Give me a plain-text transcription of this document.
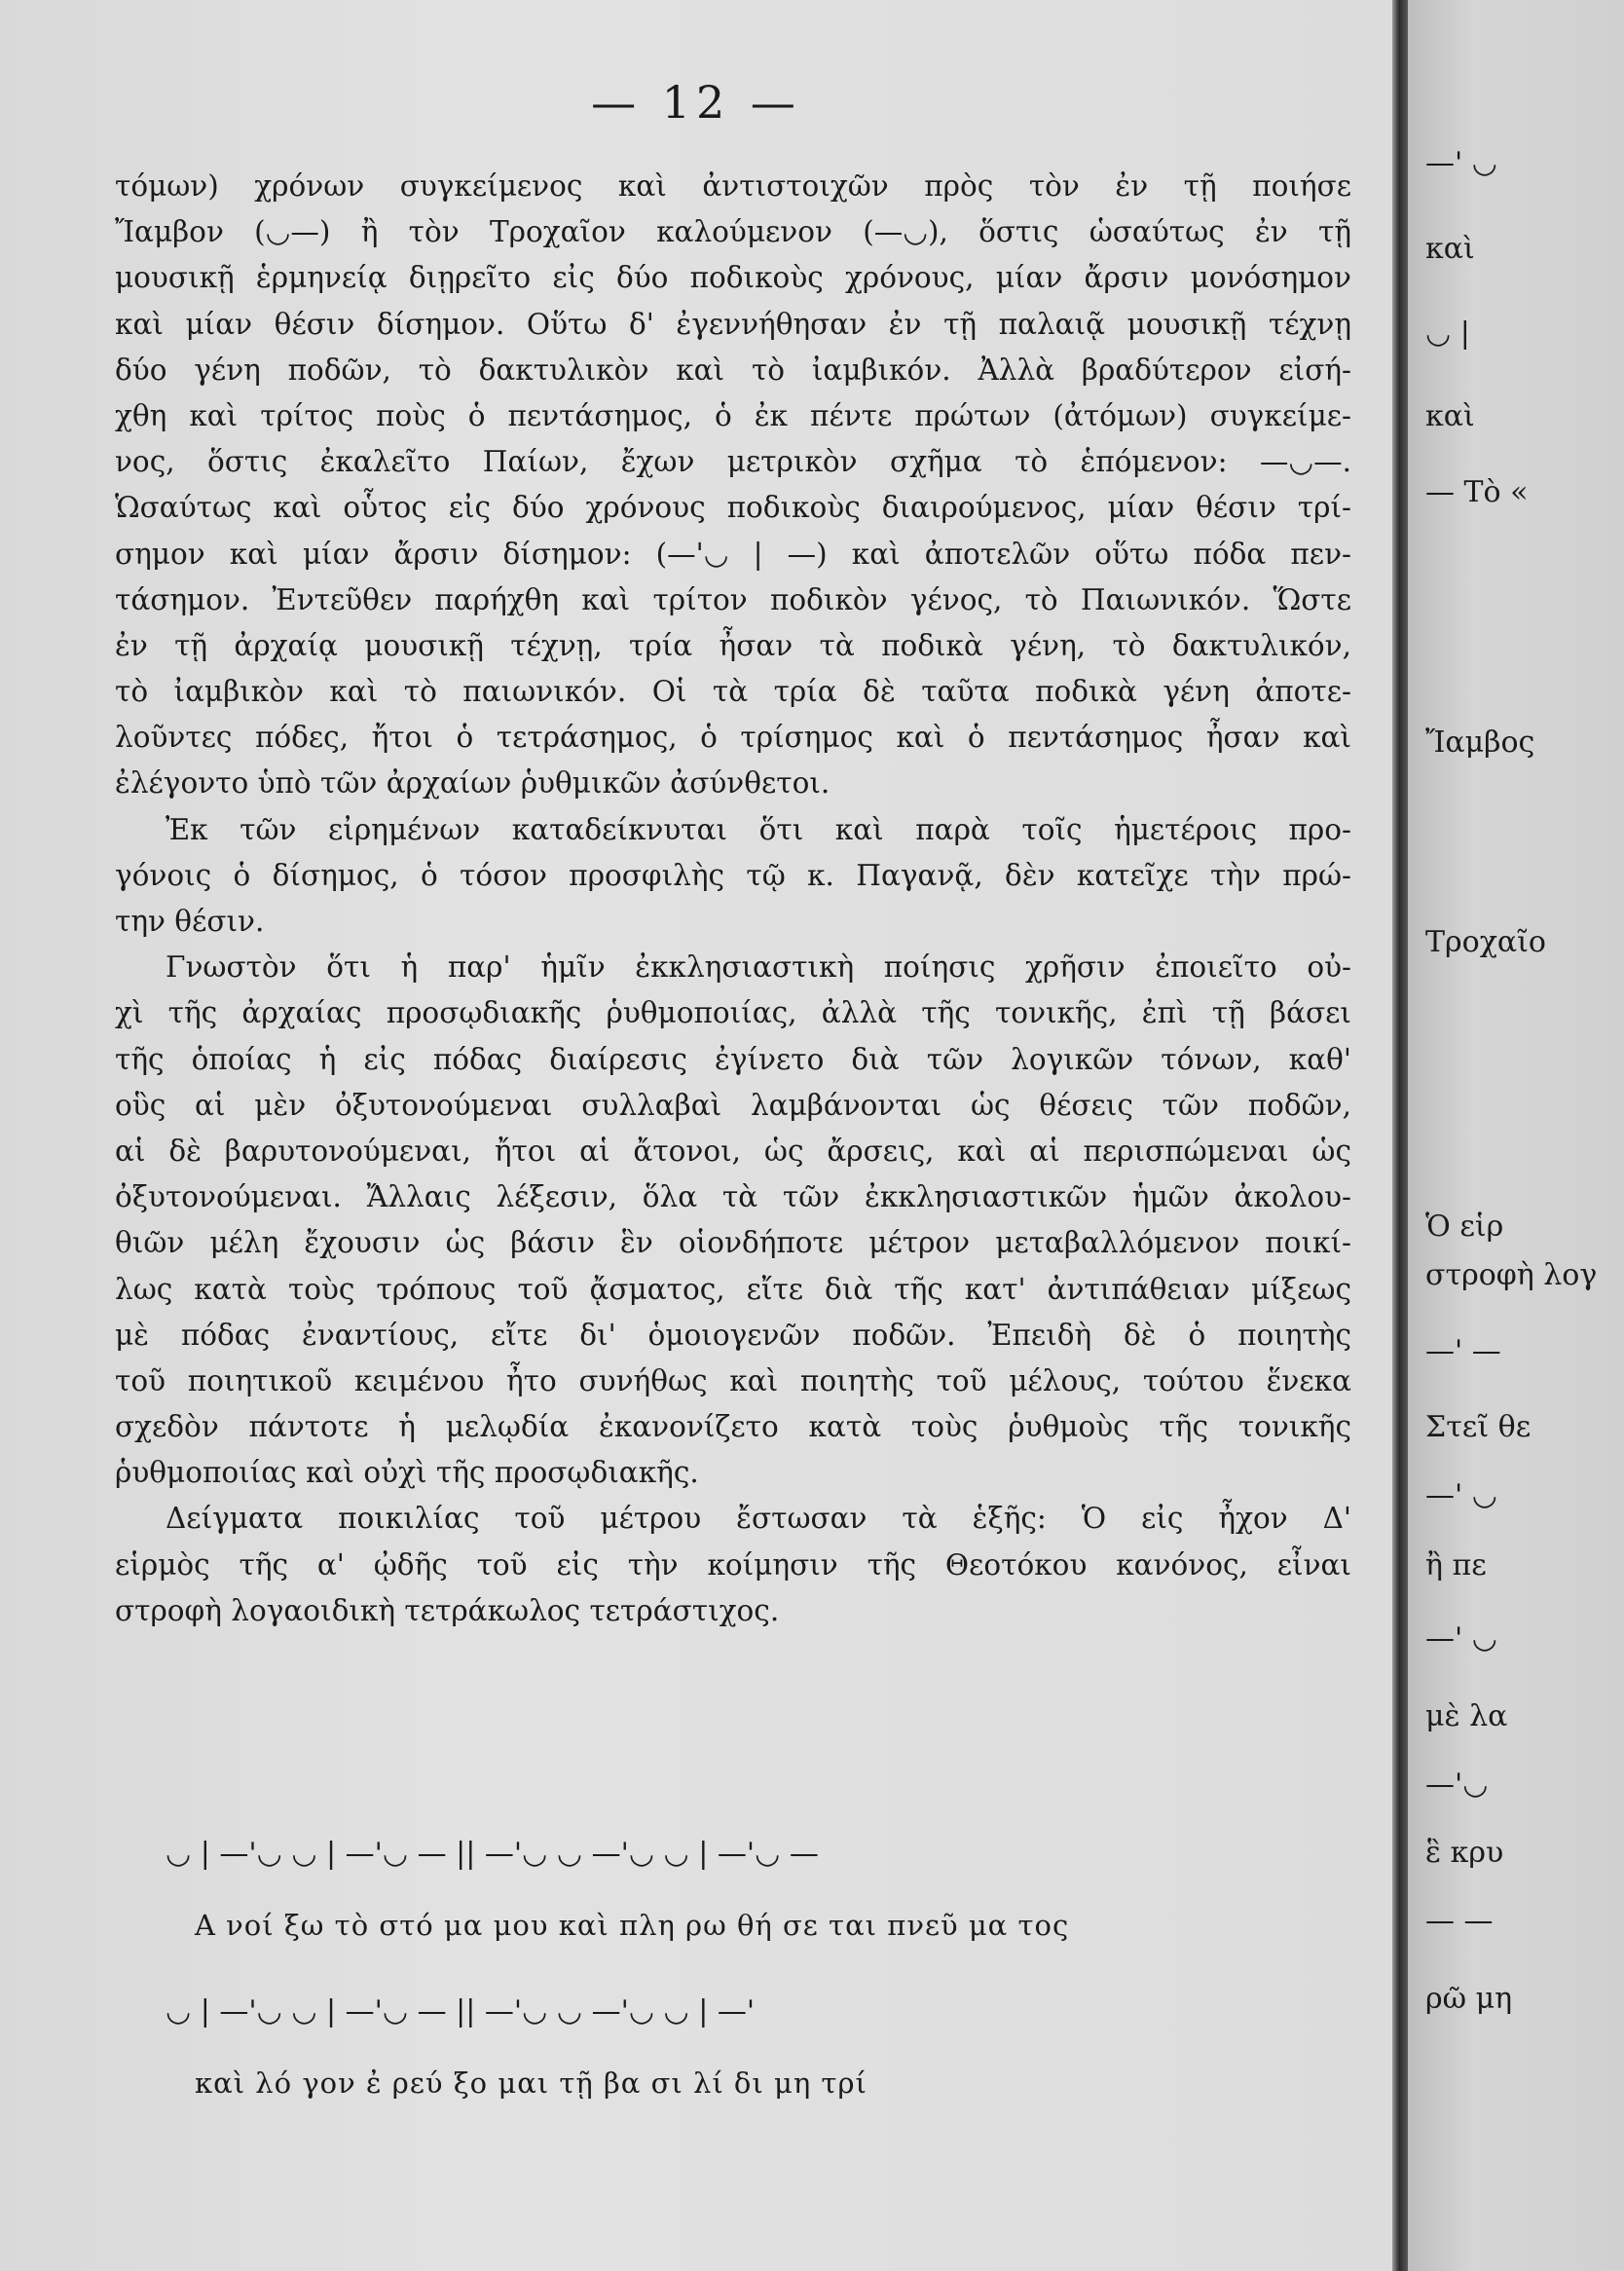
— 12 —
τόμων) χρόνων συγκείμενος καὶ ἀντιστοιχῶν πρὸς τὸν ἐν τῇ ποιήσε
Ἴαμβον (◡—) ἢ τὸν Τροχαῖον καλούμενον (—◡), ὅστις ὡσαύτως ἐν τῇ
μουσικῇ ἑρμηνείᾳ διῃρεῖτο εἰς δύο ποδικοὺς χρόνους, μίαν ἄρσιν μονόσημον
καὶ μίαν θέσιν δίσημον. Οὕτω δ' ἐγεννήθησαν ἐν τῇ παλαιᾷ μουσικῇ τέχνῃ
δύο γένη ποδῶν, τὸ δακτυλικὸν καὶ τὸ ἰαμβικόν. Ἀλλὰ βραδύτερον εἰσή-
χθη καὶ τρίτος ποὺς ὁ πεντάσημος, ὁ ἐκ πέντε πρώτων (ἀτόμων) συγκείμε-
νος, ὅστις ἐκαλεῖτο Παίων, ἔχων μετρικὸν σχῆμα τὸ ἑπόμενον: —◡—.
Ὡσαύτως καὶ οὗτος εἰς δύο χρόνους ποδικοὺς διαιρούμενος, μίαν θέσιν τρί-
σημον καὶ μίαν ἄρσιν δίσημον: (—'◡ | —) καὶ ἀποτελῶν οὕτω πόδα πεν-
τάσημον. Ἐντεῦθεν παρήχθη καὶ τρίτον ποδικὸν γένος, τὸ Παιωνικόν. Ὥστε
ἐν τῇ ἀρχαίᾳ μουσικῇ τέχνῃ, τρία ἦσαν τὰ ποδικὰ γένη, τὸ δακτυλικόν,
τὸ ἰαμβικὸν καὶ τὸ παιωνικόν. Οἱ τὰ τρία δὲ ταῦτα ποδικὰ γένη ἀποτε-
λοῦντες πόδες, ἤτοι ὁ τετράσημος, ὁ τρίσημος καὶ ὁ πεντάσημος ἦσαν καὶ
ἐλέγοντο ὑπὸ τῶν ἀρχαίων ῥυθμικῶν ἀσύνθετοι.
Ἐκ τῶν εἰρημένων καταδείκνυται ὅτι καὶ παρὰ τοῖς ἡμετέροις προ-
γόνοις ὁ δίσημος, ὁ τόσον προσφιλὴς τῷ κ. Παγανᾷ, δὲν κατεῖχε τὴν πρώ-
την θέσιν.
Γνωστὸν ὅτι ἡ παρ' ἡμῖν ἐκκλησιαστικὴ ποίησις χρῆσιν ἐποιεῖτο οὐ-
χὶ τῆς ἀρχαίας προσῳδιακῆς ῥυθμοποιίας, ἀλλὰ τῆς τονικῆς, ἐπὶ τῇ βάσει
τῆς ὁποίας ἡ εἰς πόδας διαίρεσις ἐγίνετο διὰ τῶν λογικῶν τόνων, καθ'
οὓς αἱ μὲν ὀξυτονούμεναι συλλαβαὶ λαμβάνονται ὡς θέσεις τῶν ποδῶν,
αἱ δὲ βαρυτονούμεναι, ἤτοι αἱ ἄτονοι, ὡς ἄρσεις, καὶ αἱ περισπώμεναι ὡς
ὀξυτονούμεναι. Ἄλλαις λέξεσιν, ὅλα τὰ τῶν ἐκκλησιαστικῶν ἡμῶν ἀκολου-
θιῶν μέλη ἔχουσιν ὡς βάσιν ἓν οἱονδήποτε μέτρον μεταβαλλόμενον ποικί-
λως κατὰ τοὺς τρόπους τοῦ ᾄσματος, εἴτε διὰ τῆς κατ' ἀντιπάθειαν μίξεως
μὲ πόδας ἐναντίους, εἴτε δι' ὁμοιογενῶν ποδῶν. Ἐπειδὴ δὲ ὁ ποιητὴς
τοῦ ποιητικοῦ κειμένου ἦτο συνήθως καὶ ποιητὴς τοῦ μέλους, τούτου ἕνεκα
σχεδὸν πάντοτε ἡ μελῳδία ἐκανονίζετο κατὰ τοὺς ῥυθμοὺς τῆς τονικῆς
ῥυθμοποιίας καὶ οὐχὶ τῆς προσῳδιακῆς.
Δείγματα ποικιλίας τοῦ μέτρου ἔστωσαν τὰ ἑξῆς: Ὁ εἰς ἦχον Δ'
εἱρμὸς τῆς α' ᾠδῆς τοῦ εἰς τὴν κοίμησιν τῆς Θεοτόκου κανόνος, εἶναι
στροφὴ λογαοιδικὴ τετράκωλος τετράστιχος.
◡ | —'◡ ◡ | —'◡ — || —'◡ ◡ —'◡ ◡ | —'◡ —
Α νοί ξω τὸ στό μα μου καὶ πλη ρω θή σε ται πνεῦ μα τος
◡ | —'◡ ◡ | —'◡ — || —'◡ ◡ —'◡ ◡ | —'
καὶ λό γον ἐ ρεύ ξο μαι τῇ βα σι λί δι μη τρί
—' ◡
καὶ
◡ |
καὶ
— Τὸ «
Ἴαμβος
Τροχαῖο
Ὁ εἱρ
στροφὴ λογ
—' —
Στεῖ θε
—' ◡
ἢ πε
—' ◡
μὲ λα
—'◡
ἓ κρυ
— —
ρῶ μη
